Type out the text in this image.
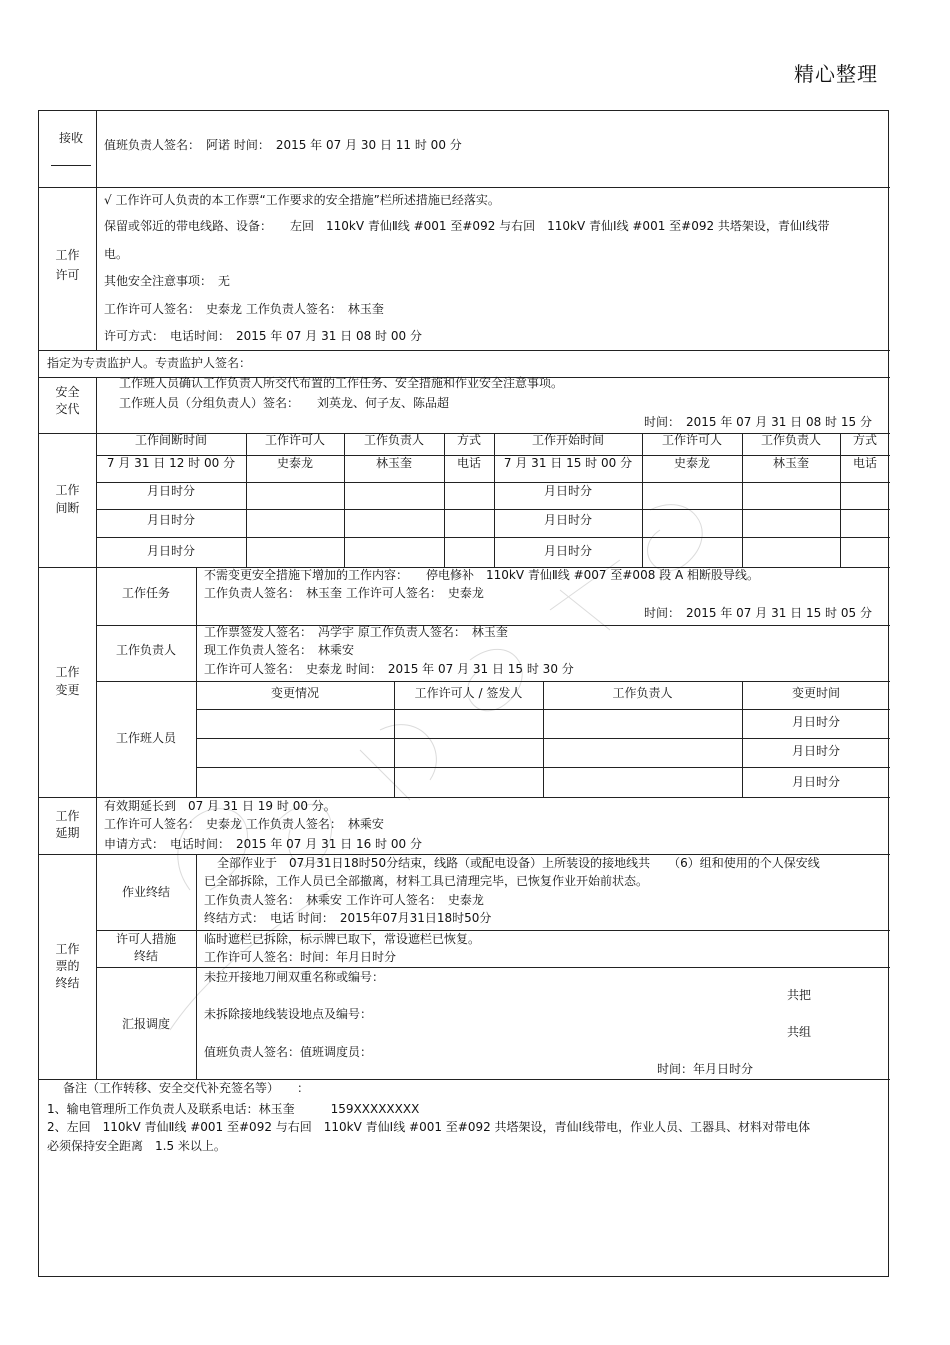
精心整理
接收	值班负责人签名：　阿诺 时间：　2015 年 07 月 30 日 11 时 00 分
工作
许可
√ 工作许可人负责的本工作票“工作要求的安全措施”栏所述措施已经落实。
保留或邻近的带电线路、设备：　　左回　110kV 青仙Ⅱ线 #001 至#092 与右回　110kV 青仙Ⅰ线 #001 至#092 共塔架设，青仙Ⅰ线带
电。
其他安全注意事项：　无
工作许可人签名：　史泰龙 工作负责人签名：　林玉奎
许可方式：　电话时间：　2015 年 07 月 31 日 08 时 00 分
指定为专责监护人。专责监护人签名：
安全
交代
工作班人员确认工作负责人所交代布置的工作任务、安全措施和作业安全注意事项。
工作班人员（分组负责人）签名：　　刘英龙、何子友、陈品超
时间：　2015 年 07 月 31 日 08 时 15 分
工作
间断
工作间断时间	工作许可人	工作负责人	方式	工作开始时间	工作许可人	工作负责人	方式
7 月 31 日 12 时 00 分	史泰龙	林玉奎	电话	7 月 31 日 15 时 00 分	史泰龙	林玉奎	电话
月日时分	月日时分
月日时分	月日时分
月日时分	月日时分
工作
变更
工作任务
不需变更安全措施下增加的工作内容：　　停电修补　110kV 青仙Ⅱ线 #007 至#008 段 A 相断股导线。
工作负责人签名：　林玉奎 工作许可人签名：　史泰龙
时间：　2015 年 07 月 31 日 15 时 05 分
工作负责人
工作票签发人签名：　冯学宇 原工作负责人签名：　林玉奎
现工作负责人签名：　林乘安
工作许可人签名：　史泰龙 时间：　2015 年 07 月 31 日 15 时 30 分
工作班人员
变更情况	工作许可人 / 签发人	工作负责人	变更时间
月日时分
月日时分
月日时分
工作
延期
有效期延长到　07 月 31 日 19 时 00 分。
工作许可人签名：　史泰龙 工作负责人签名：　林乘安
申请方式：　电话时间：　2015 年 07 月 31 日 16 时 00 分
工作
票的
终结
作业终结
全部作业于　07月31日18时50分结束，线路（或配电设备）上所装设的接地线共　　（6）组和使用的个人保安线
已全部拆除，工作人员已全部撤离，材料工具已清理完毕，已恢复作业开始前状态。
工作负责人签名：　林乘安 工作许可人签名：　史泰龙
终结方式：　电话 时间：　2015年07月31日18时50分
许可人措施
终结
临时遮栏已拆除，标示牌已取下，常设遮栏已恢复。
工作许可人签名：时间：年月日时分
汇报调度
未拉开接地刀闸双重名称或编号：
共把
未拆除接地线装设地点及编号：
共组
值班负责人签名：值班调度员：
时间：年月日时分
备注（工作转移、安全交代补充签名等）　　：
1、输电管理所工作负责人及联系电话：林玉奎　　　159XXXXXXXX
2、左回　110kV 青仙Ⅱ线 #001 至#092 与右回　110kV 青仙Ⅰ线 #001 至#092 共塔架设，青仙Ⅰ线带电，作业人员、工器具、材料对带电体
必须保持安全距离　1.5 米以上。
